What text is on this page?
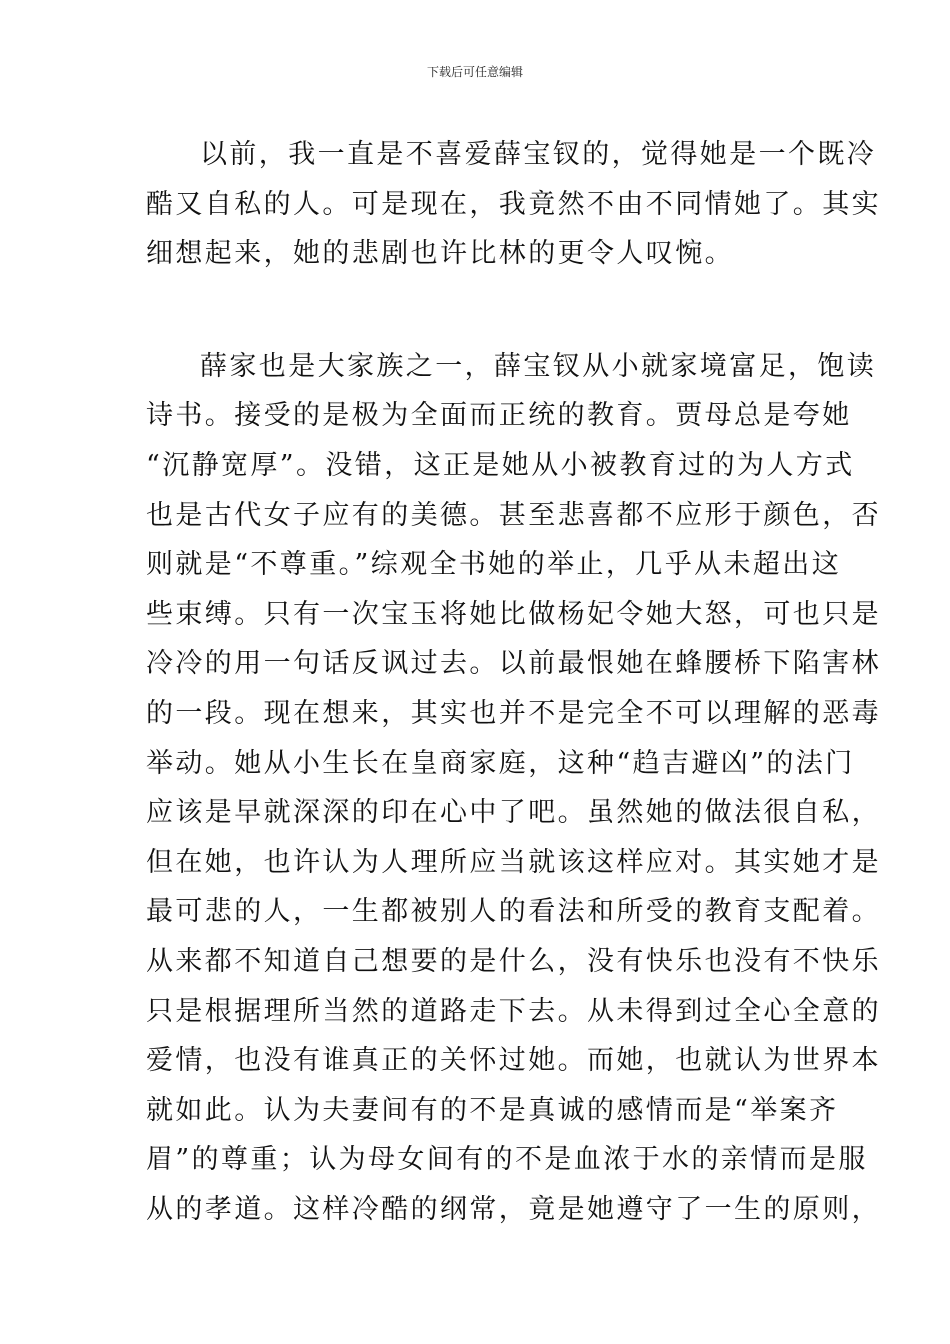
下载后可任意编辑
以前，我一直是不喜爱薛宝钗的，觉得她是一个既冷
酷又自私的人。可是现在，我竟然不由不同情她了。其实
细想起来，她的悲剧也许比林的更令人叹惋。
薛家也是大家族之一，薛宝钗从小就家境富足，饱读
诗书。接受的是极为全面而正统的教育。贾母总是夸她
“沉静宽厚”。没错，这正是她从小被教育过的为人方式
也是古代女子应有的美德。甚至悲喜都不应形于颜色，否
则就是“不尊重。”综观全书她的举止，几乎从未超出这
些束缚。只有一次宝玉将她比做杨妃令她大怒，可也只是
冷冷的用一句话反讽过去。以前最恨她在蜂腰桥下陷害林
的一段。现在想来，其实也并不是完全不可以理解的恶毒
举动。她从小生长在皇商家庭，这种“趋吉避凶”的法门
应该是早就深深的印在心中了吧。虽然她的做法很自私，
但在她，也许认为人理所应当就该这样应对。其实她才是
最可悲的人，一生都被别人的看法和所受的教育支配着。
从来都不知道自己想要的是什么，没有快乐也没有不快乐
只是根据理所当然的道路走下去。从未得到过全心全意的
爱情，也没有谁真正的关怀过她。而她，也就认为世界本
就如此。认为夫妻间有的不是真诚的感情而是“举案齐
眉”的尊重；认为母女间有的不是血浓于水的亲情而是服
从的孝道。这样冷酷的纲常，竟是她遵守了一生的原则，
